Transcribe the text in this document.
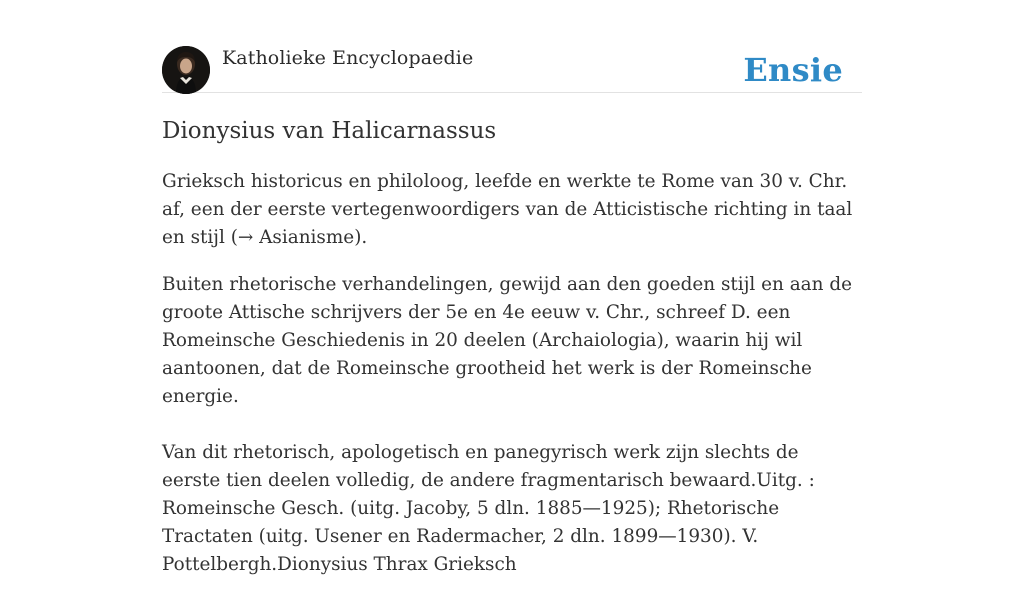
Katholieke Encyclopaedie	Ensie
Dionysius van Halicarnassus

Grieksch historicus en philoloog, leefde en werkte te Rome van 30 v. Chr. af, een der eerste vertegenwoordigers van de Atticistische richting in taal en stijl (→ Asianisme).

Buiten rhetorische verhandelingen, gewijd aan den goeden stijl en aan de groote Attische schrijvers der 5e en 4e eeuw v. Chr., schreef D. een Romeinsche Geschiedenis in 20 deelen (Archaiologia), waarin hij wil aantoonen, dat de Romeinsche grootheid het werk is der Romeinsche energie.

Van dit rhetorisch, apologetisch en panegyrisch werk zijn slechts de eerste tien deelen volledig, de andere fragmentarisch bewaard.Uitg. : Romeinsche Gesch. (uitg. Jacoby, 5 dln. 1885—1925); Rhetorische Tractaten (uitg. Usener en Radermacher, 2 dln. 1899—1930). V. Pottelbergh.Dionysius Thrax Grieksch
